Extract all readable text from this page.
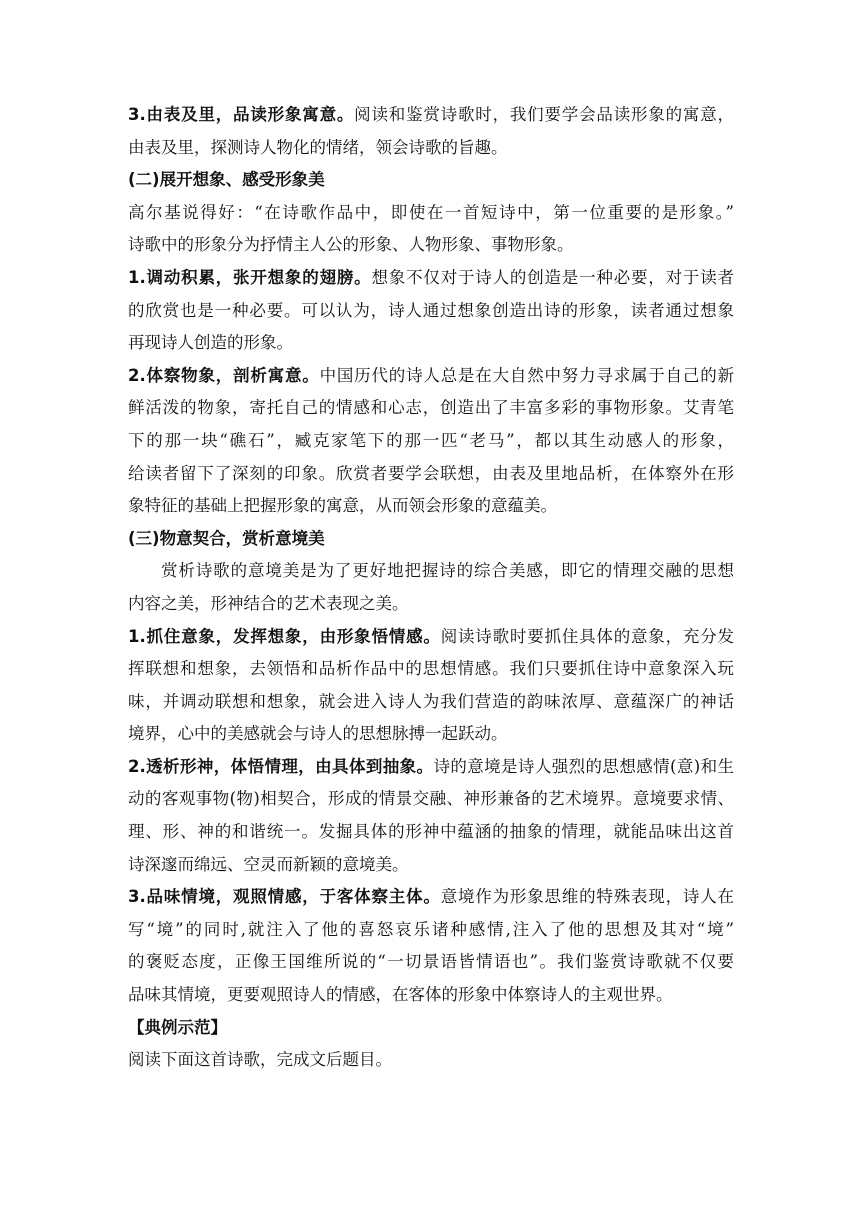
3.由表及里，品读形象寓意。阅读和鉴赏诗歌时，我们要学会品读形象的寓意，
由表及里，探测诗人物化的情绪，领会诗歌的旨趣。
(二)展开想象、感受形象美
高尔基说得好：“在诗歌作品中，即使在一首短诗中，第一位重要的是形象。”
诗歌中的形象分为抒情主人公的形象、人物形象、事物形象。
1.调动积累，张开想象的翅膀。想象不仅对于诗人的创造是一种必要，对于读者
的欣赏也是一种必要。可以认为，诗人通过想象创造出诗的形象，读者通过想象
再现诗人创造的形象。
2.体察物象，剖析寓意。中国历代的诗人总是在大自然中努力寻求属于自己的新
鲜活泼的物象，寄托自己的情感和心志，创造出了丰富多彩的事物形象。艾青笔
下的那一块“礁石”，臧克家笔下的那一匹“老马”，都以其生动感人的形象，
给读者留下了深刻的印象。欣赏者要学会联想，由表及里地品析，在体察外在形
象特征的基础上把握形象的寓意，从而领会形象的意蕴美。
(三)物意契合，赏析意境美
赏析诗歌的意境美是为了更好地把握诗的综合美感，即它的情理交融的思想
内容之美，形神结合的艺术表现之美。
1.抓住意象，发挥想象，由形象悟情感。阅读诗歌时要抓住具体的意象，充分发
挥联想和想象，去领悟和品析作品中的思想情感。我们只要抓住诗中意象深入玩
味，并调动联想和想象，就会进入诗人为我们营造的韵味浓厚、意蕴深广的神话
境界，心中的美感就会与诗人的思想脉搏一起跃动。
2.透析形神，体悟情理，由具体到抽象。诗的意境是诗人强烈的思想感情(意)和生
动的客观事物(物)相契合，形成的情景交融、神形兼备的艺术境界。意境要求情、
理、形、神的和谐统一。发掘具体的形神中蕴涵的抽象的情理，就能品味出这首
诗深邃而绵远、空灵而新颖的意境美。
3.品味情境，观照情感，于客体察主体。意境作为形象思维的特殊表现，诗人在
写“境”的同时,就注入了他的喜怒哀乐诸种感情,注入了他的思想及其对“境”
的褒贬态度，正像王国维所说的“一切景语皆情语也”。我们鉴赏诗歌就不仅要
品味其情境，更要观照诗人的情感，在客体的形象中体察诗人的主观世界。
【典例示范】
阅读下面这首诗歌，完成文后题目。
